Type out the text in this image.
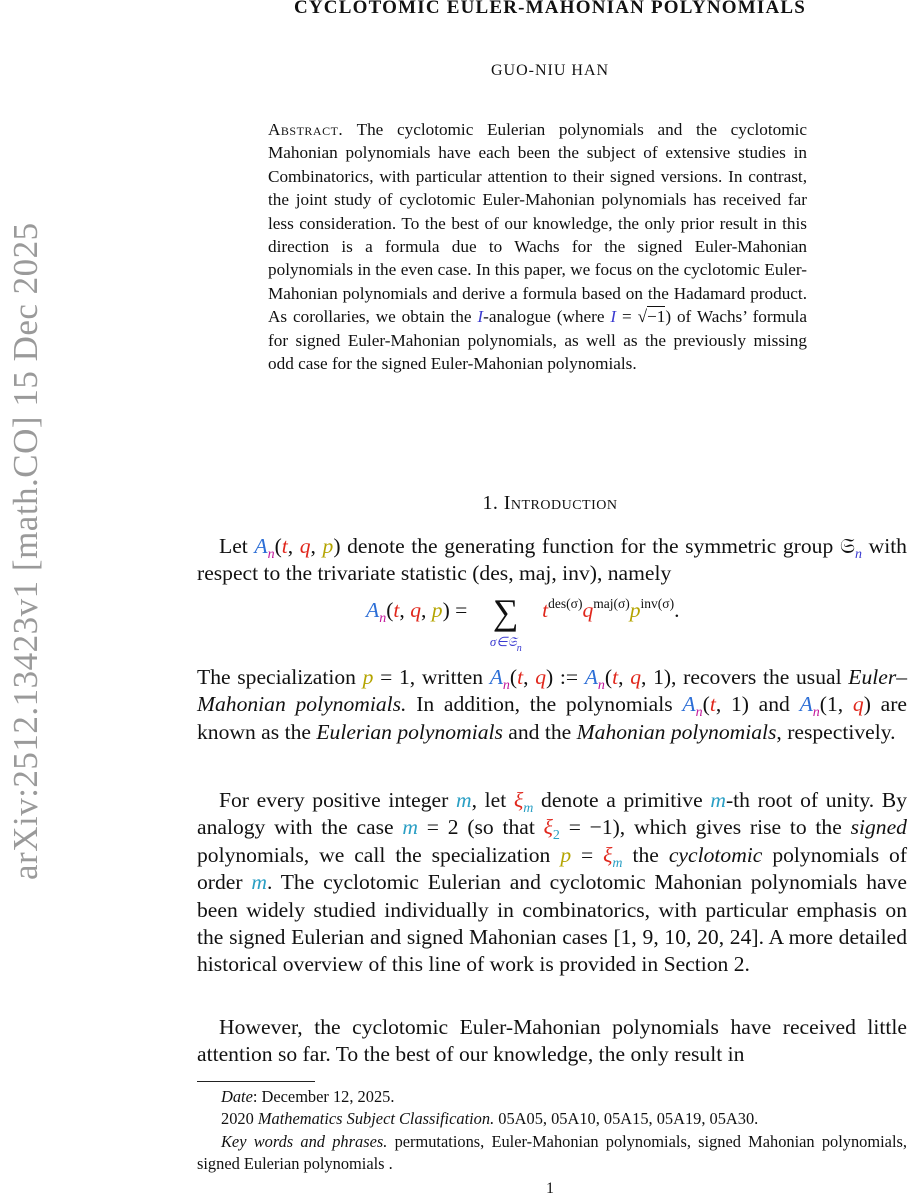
arXiv:2512.13423v1 [math.CO] 15 Dec 2025
CYCLOTOMIC EULER-MAHONIAN POLYNOMIALS
GUO-NIU HAN
Abstract. The cyclotomic Eulerian polynomials and the cyclotomic Mahonian polynomials have each been the subject of extensive studies in Combinatorics, with particular attention to their signed versions. In contrast, the joint study of cyclotomic Euler-Mahonian polynomials has received far less consideration. To the best of our knowledge, the only prior result in this direction is a formula due to Wachs for the signed Euler-Mahonian polynomials in the even case. In this paper, we focus on the cyclotomic Euler-Mahonian polynomials and derive a formula based on the Hadamard product. As corollaries, we obtain the I-analogue (where I = √−1) of Wachs’ formula for signed Euler-Mahonian polynomials, as well as the previously missing odd case for the signed Euler-Mahonian polynomials.
1. Introduction
Let $A_n(t$, q, p) denote the generating function for the symmetric group 𝔖$_n$ with respect to the trivariate statistic (des, maj, inv), namely
$A_n(t$, q, p) = ∑
σ∈𝔖$_n$
$t^{des(\sigma)}q^{maj(\sigma)}p^{inv(\sigma)}$.
The specialization p = 1, written $A_n(t$, q) := $A_n(t$, q, 1), recovers the usual Euler–Mahonian polynomials. In addition, the polynomials $A_n(t$, 1) and $A_n(1$, q) are known as the Eulerian polynomials and the Mahonian polynomials, respectively.
For every positive integer m, let $\xi_m$ denote a primitive m-th root of unity. By analogy with the case m = 2 (so that $\xi_2 = -1$), which gives rise to the signed polynomials, we call the specialization $p = \xi_m$ the cyclotomic polynomials of order m. The cyclotomic Eulerian and cyclotomic Mahonian polynomials have been widely studied individually in combinatorics, with particular emphasis on the signed Eulerian and signed Mahonian cases [1, 9, 10, 20, 24]. A more detailed historical overview of this line of work is provided in Section 2.
However, the cyclotomic Euler-Mahonian polynomials have received little attention so far. To the best of our knowledge, the only result in

Date: December 12, 2025.

2020 Mathematics Subject Classification. 05A05, 05A10, 05A15, 05A19, 05A30.

Key words and phrases. permutations, Euler-Mahonian polynomials, signed Mahonian polynomials, signed Eulerian polynomials .

1
